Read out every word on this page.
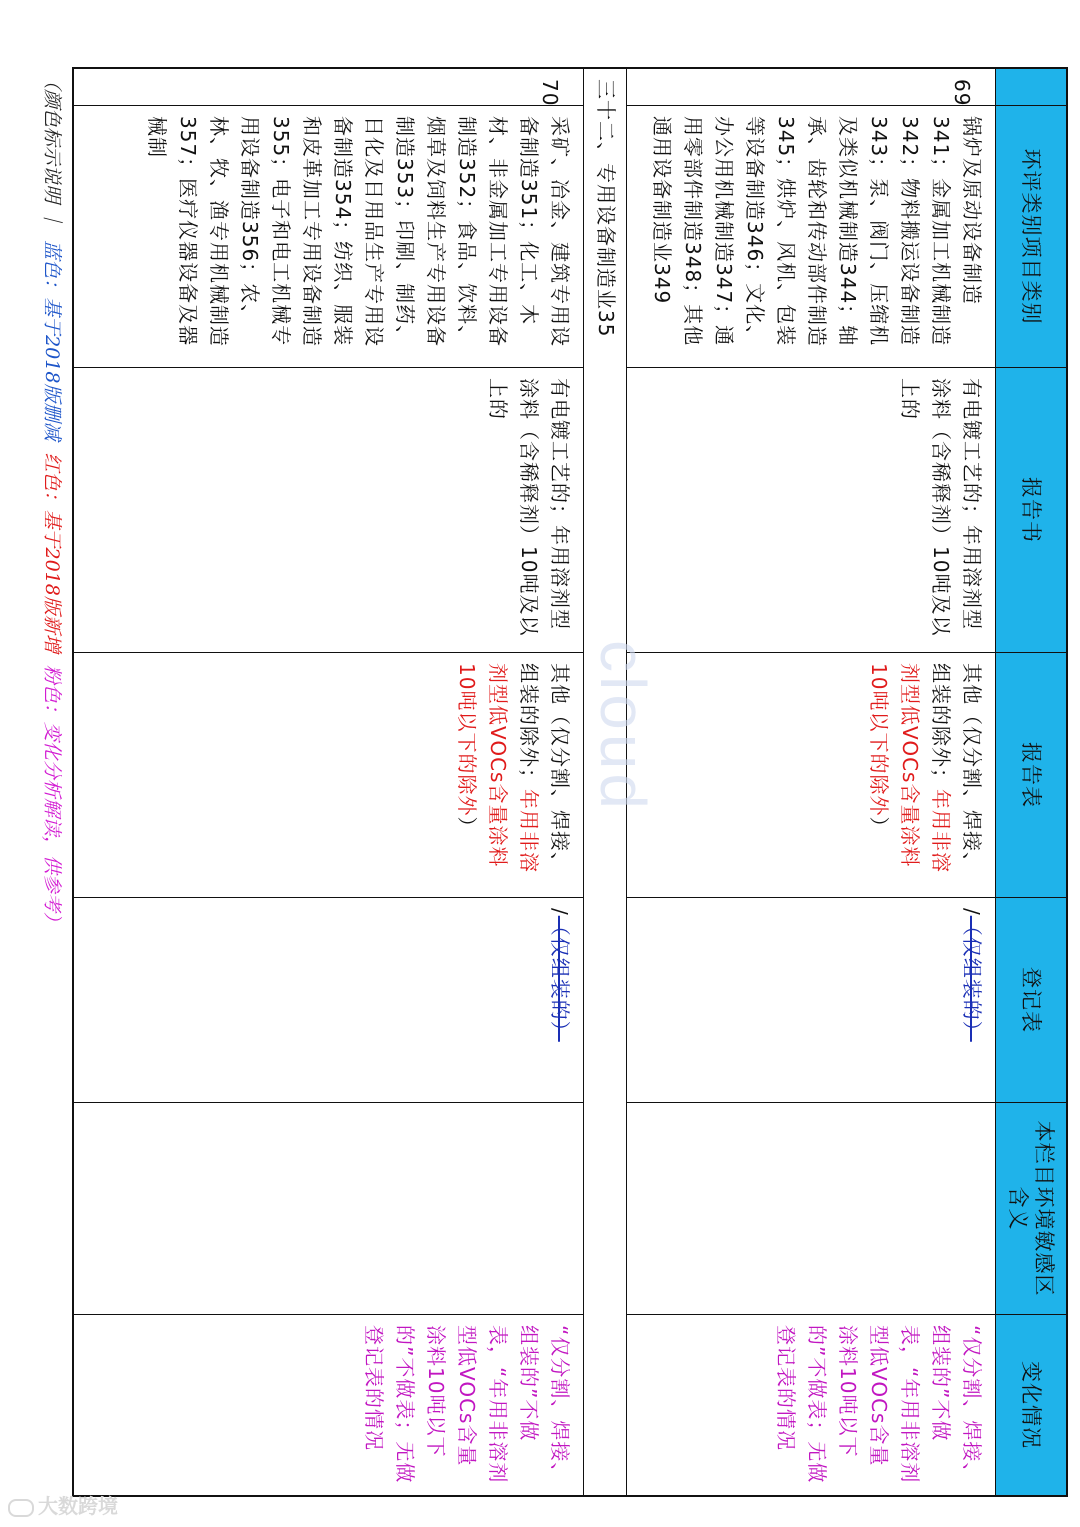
（颜色标示说明 ｜ 蓝色：基于2018版删减 红色：基于2018版新增 粉色：变化分析解读，供参考）
环评类别项目类别
报告书
报告表
登记表
本栏目环境敏感区含义
变化情况
69
锅炉及原动设备制造341；金属加工机械制造342；物料搬运设备制造343；泵、阀门、压缩机及类似机械制造344；轴承、齿轮和传动部件制造345；烘炉、风机、包装等设备制造346；文化、办公用机械制造347；通用零部件制造348；其他通用设备制造业349
有电镀工艺的；年用溶剂型涂料（含稀释剂）10吨及以上的
其他（仅分割、焊接、组装的除外；年用非溶剂型低VOCs含量涂料10吨以下的除外）
/（仅组装的）
“仅分割、焊接、组装的”不做表，“年用非溶剂型低VOCs含量涂料10吨以下的”不做表；无做登记表的情况
三十二、专用设备制造业35
70
采矿、冶金、建筑专用设备制造351；化工、木材、非金属加工专用设备制造352；食品、饮料、烟草及饲料生产专用设备制造353；印刷、制药、日化及日用品生产专用设备制造354；纺织、服装和皮革加工专用设备制造355；电子和电工机械专用设备制造356；农、林、牧、渔专用机械制造357；医疗仪器设备及器械制
有电镀工艺的；年用溶剂型涂料（含稀释剂）10吨及以上的
其他（仅分割、焊接、组装的除外；年用非溶剂型低VOCs含量涂料10吨以下的除外）
/（仅组装的）
“仅分割、焊接、组装的”不做表，“年用非溶剂型低VOCs含量涂料10吨以下的”不做表；无做登记表的情况
cloud
大数跨境
